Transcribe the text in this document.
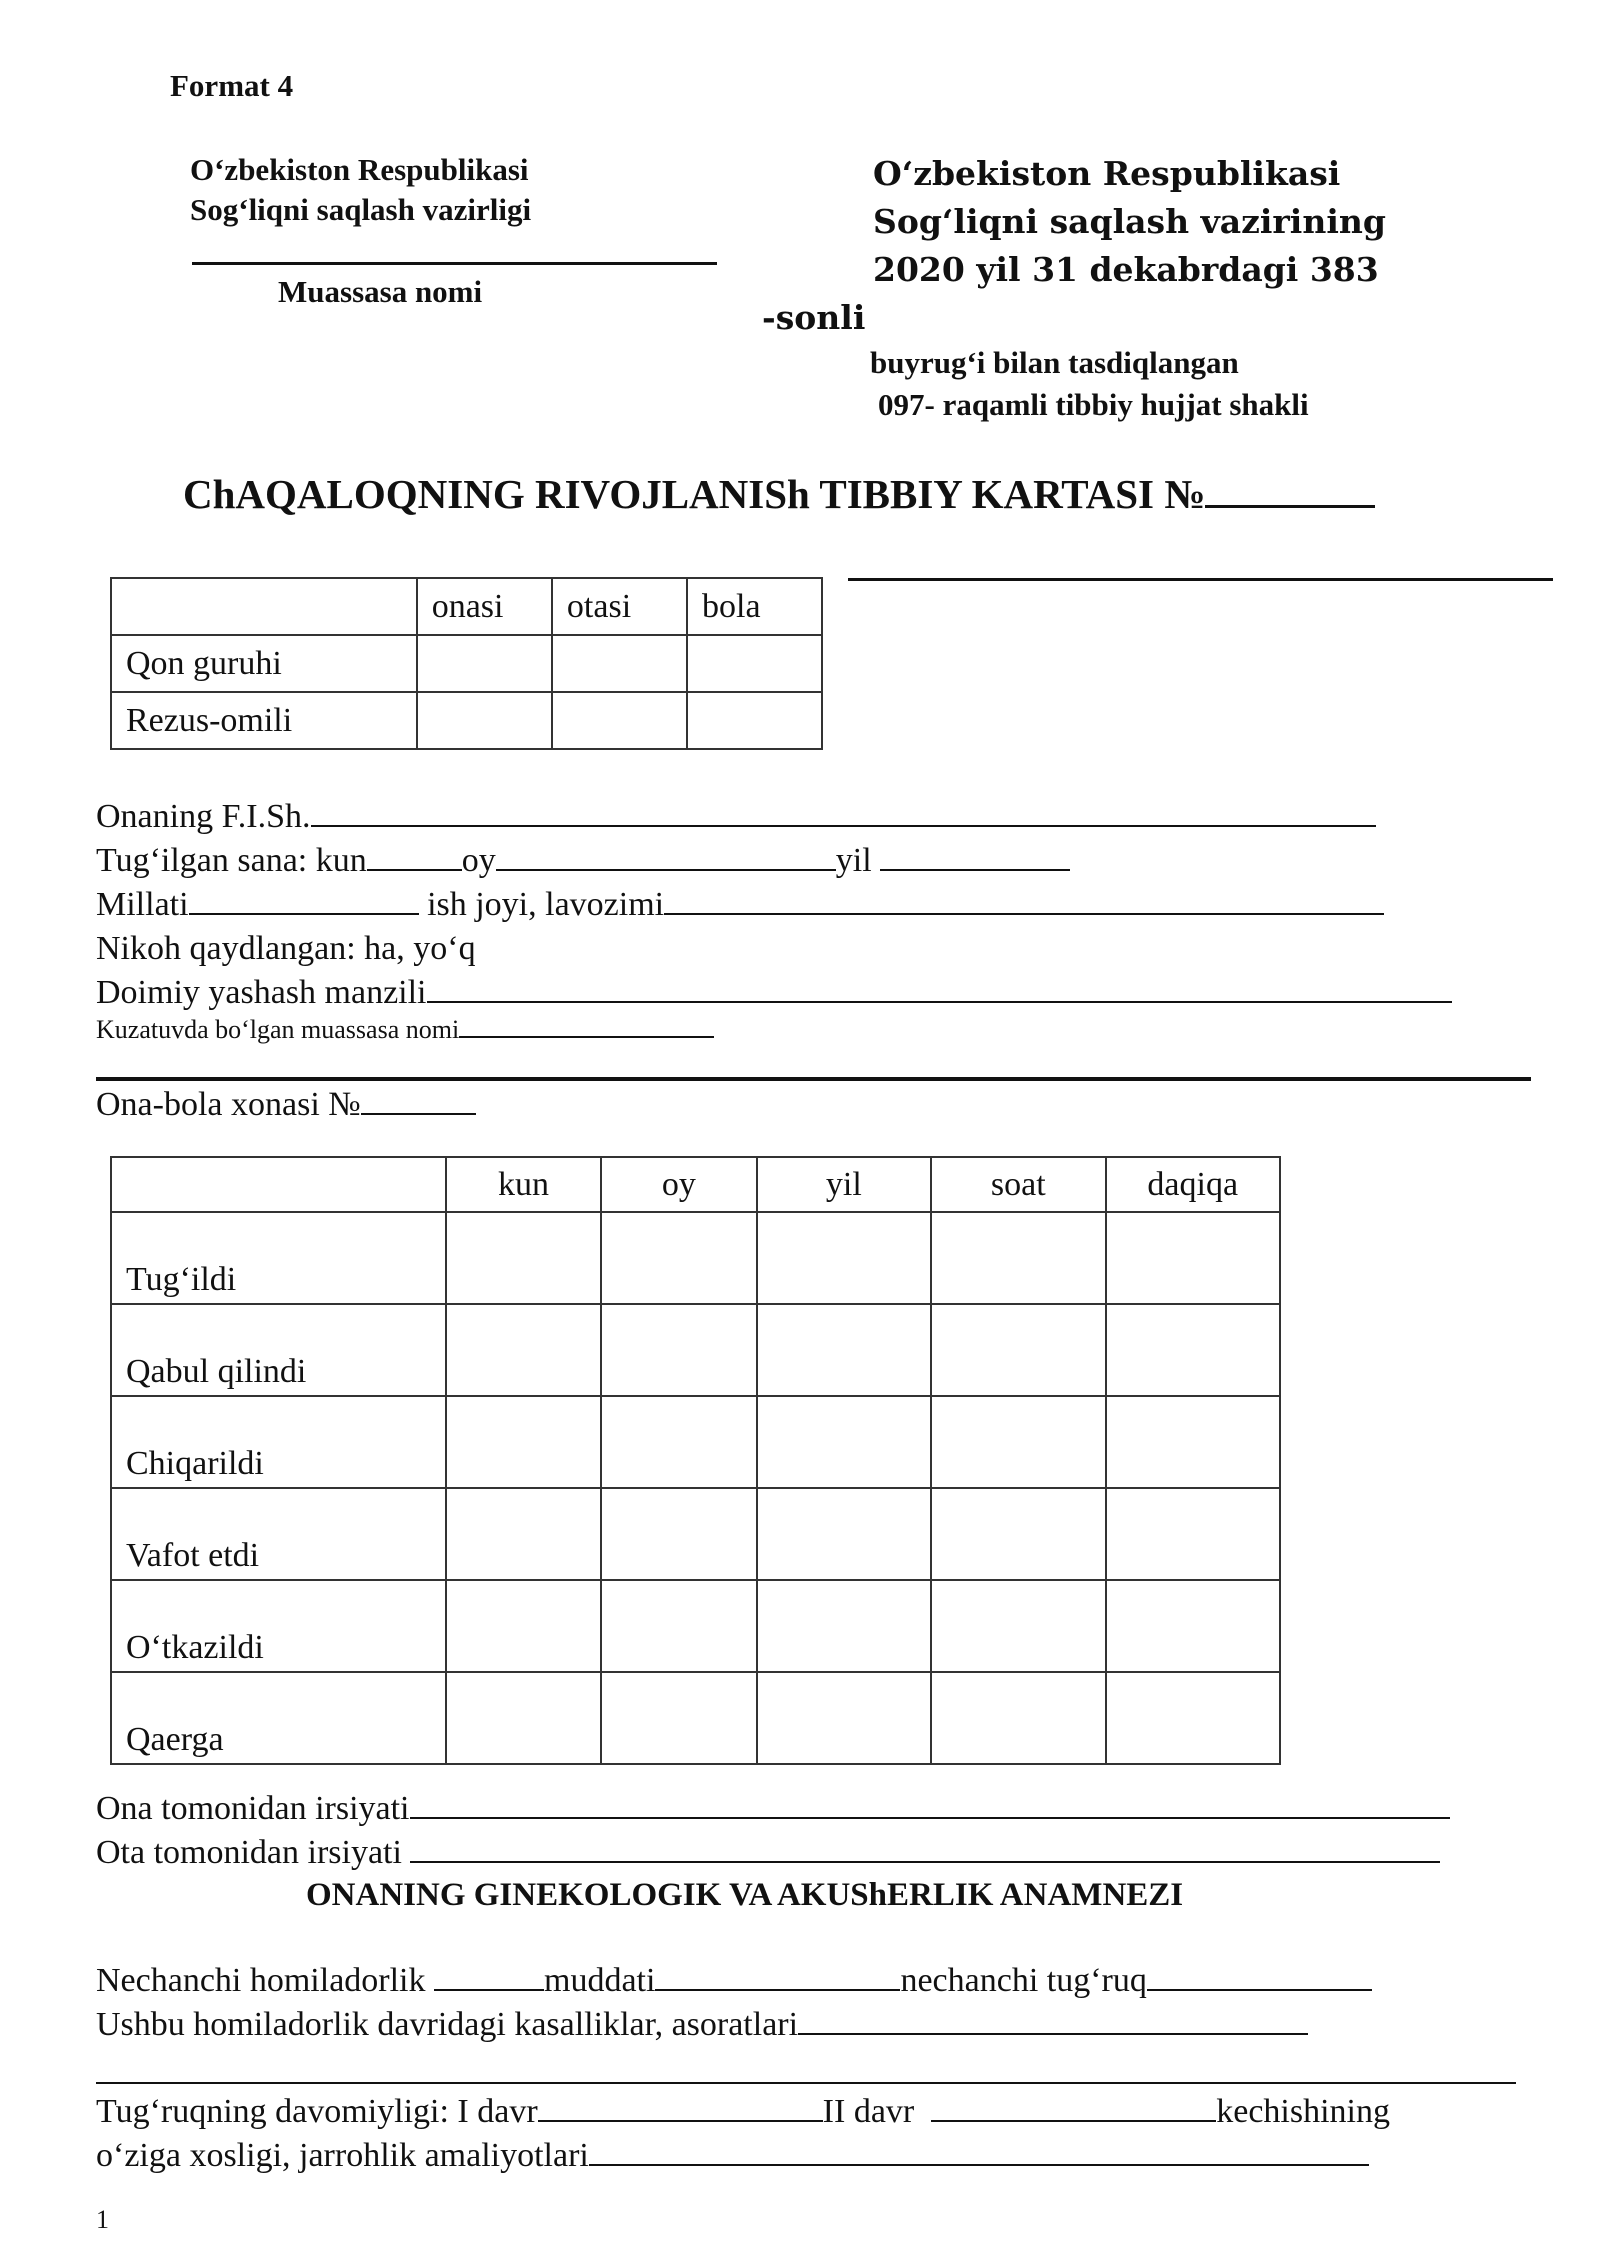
Format 4
O‘zbekiston Respublikasi
Sog‘liqni saqlash vazirligi
Muassasa nomi
O‘zbekiston Respublikasi
Sog‘liqni saqlash vazirining
2020 yil 31 dekabrdagi 383
-sonli
buyrug‘i bilan tasdiqlangan
097- raqamli tibbiy hujjat shakli
ChAQALOQNING RIVOJLANISh TIBBIY KARTASI №
	onasi	otasi	bola
Qon guruhi			
Rezus-omili			
Onaning F.I.Sh.
Tug‘ilgan sana: kun	oy	yil
Millati	ish joyi, lavozimi
Nikoh qaydlangan: ha, yo‘q
Doimiy yashash manzili
Kuzatuvda bo‘lgan muassasa nomi
Ona-bola xonasi №
	kun	oy	yil	soat	daqiqa
Tug‘ildi					
Qabul qilindi					
Chiqarildi					
Vafot etdi					
O‘tkazildi					
Qaerga					
Ona tomonidan irsiyati
Ota tomonidan irsiyati
ONANING GINEKOLOGIK VA AKUShERLIK ANAMNEZI
Nechanchi homiladorlik	muddati	nechanchi tug‘ruq
Ushbu homiladorlik davridagi kasalliklar, asoratlari
Tug‘ruqning davomiyligi: I davr	II davr	kechishining
o‘ziga xosligi, jarrohlik amaliyotlari
1
